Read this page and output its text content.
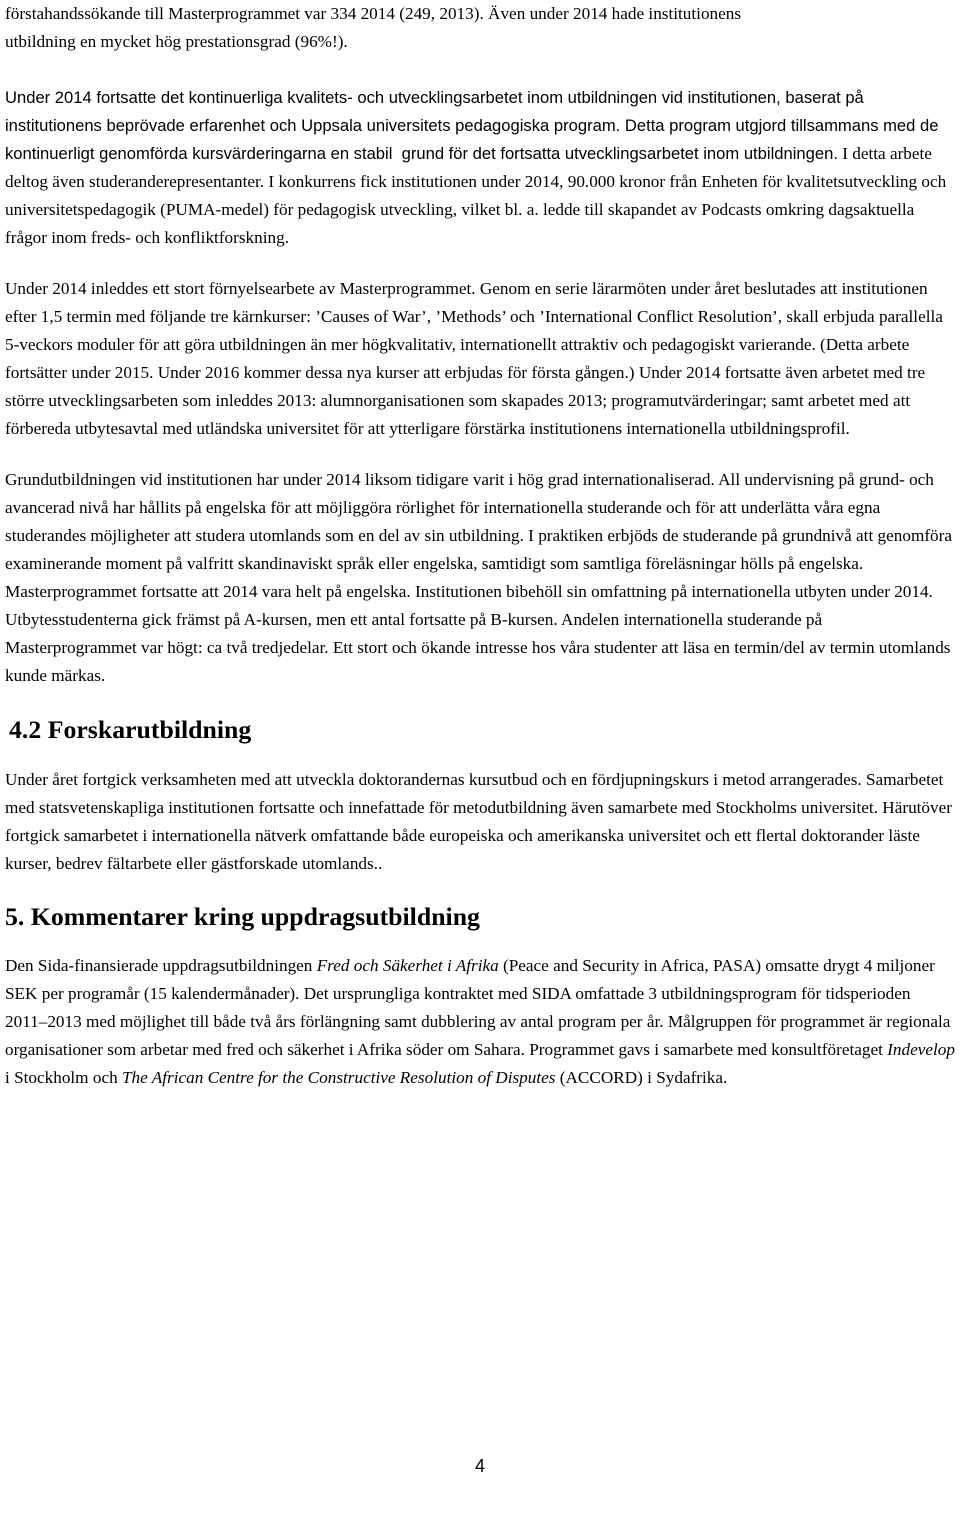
förstahandssökande till Masterprogrammet var 334 2014 (249, 2013). Även under 2014 hade institutionens
utbildning en mycket hög prestationsgrad (96%!).

Under 2014 fortsatte det kontinuerliga kvalitets- och utvecklingsarbetet inom utbildningen vid institutionen, baserat på institutionens beprövade erfarenhet och Uppsala universitets pedagogiska program. Detta program utgjord tillsammans med de kontinuerligt genomförda kursvärderingarna en stabil  grund för det fortsatta utvecklingsarbetet inom utbildningen. I detta arbete deltog även studeranderepresentanter. I konkurrens fick institutionen under 2014, 90.000 kronor från Enheten för kvalitetsutveckling och universitetspedagogik (PUMA-medel) för pedagogisk utveckling, vilket bl. a. ledde till skapandet av Podcasts omkring dagsaktuella frågor inom freds- och konfliktforskning.

Under 2014 inleddes ett stort förnyelsearbete av Masterprogrammet. Genom en serie lärarmöten under året beslutades att institutionen efter 1,5 termin med följande tre kärnkurser: ’Causes of War’, ’Methods’ och ’International Conflict Resolution’, skall erbjuda parallella 5-veckors moduler för att göra utbildningen än mer högkvalitativ, internationellt attraktiv och pedagogiskt varierande. (Detta arbete fortsätter under 2015. Under 2016 kommer dessa nya kurser att erbjudas för första gången.) Under 2014 fortsatte även arbetet med tre större utvecklingsarbeten som inleddes 2013: alumnorganisationen som skapades 2013; programutvärderingar; samt arbetet med att förbereda utbytesavtal med utländska universitet för att ytterligare förstärka institutionens internationella utbildningsprofil.

Grundutbildningen vid institutionen har under 2014 liksom tidigare varit i hög grad internationaliserad. All undervisning på grund- och avancerad nivå har hållits på engelska för att möjliggöra rörlighet för internationella studerande och för att underlätta våra egna studerandes möjligheter att studera utomlands som en del av sin utbildning. I praktiken erbjöds de studerande på grundnivå att genomföra examinerande moment på valfritt skandinaviskt språk eller engelska, samtidigt som samtliga föreläsningar hölls på engelska. Masterprogrammet fortsatte att 2014 vara helt på engelska. Institutionen bibehöll sin omfattning på internationella utbyten under 2014. Utbytesstudenterna gick främst på A-kursen, men ett antal fortsatte på B-kursen. Andelen internationella studerande på Masterprogrammet var högt: ca två tredjedelar. Ett stort och ökande intresse hos våra studenter att läsa en termin/del av termin utomlands kunde märkas.

4.2 Forskarutbildning

Under året fortgick verksamheten med att utveckla doktorandernas kursutbud och en fördjupningskurs i metod arrangerades. Samarbetet med statsvetenskapliga institutionen fortsatte och innefattade för metodutbildning även samarbete med Stockholms universitet. Härutöver fortgick samarbetet i internationella nätverk omfattande både europeiska och amerikanska universitet och ett flertal doktorander läste kurser, bedrev fältarbete eller gästforskade utomlands..

5. Kommentarer kring uppdragsutbildning

Den Sida-finansierade uppdragsutbildningen Fred och Säkerhet i Afrika (Peace and Security in Africa, PASA) omsatte drygt 4 miljoner SEK per programår (15 kalendermånader). Det ursprungliga kontraktet med SIDA omfattade 3 utbildningsprogram för tidsperioden 2011–2013 med möjlighet till både två års förlängning samt dubblering av antal program per år. Målgruppen för programmet är regionala organisationer som arbetar med fred och säkerhet i Afrika söder om Sahara. Programmet gavs i samarbete med konsultföretaget Indevelop i Stockholm och The African Centre for the Constructive Resolution of Disputes (ACCORD) i Sydafrika.

4
